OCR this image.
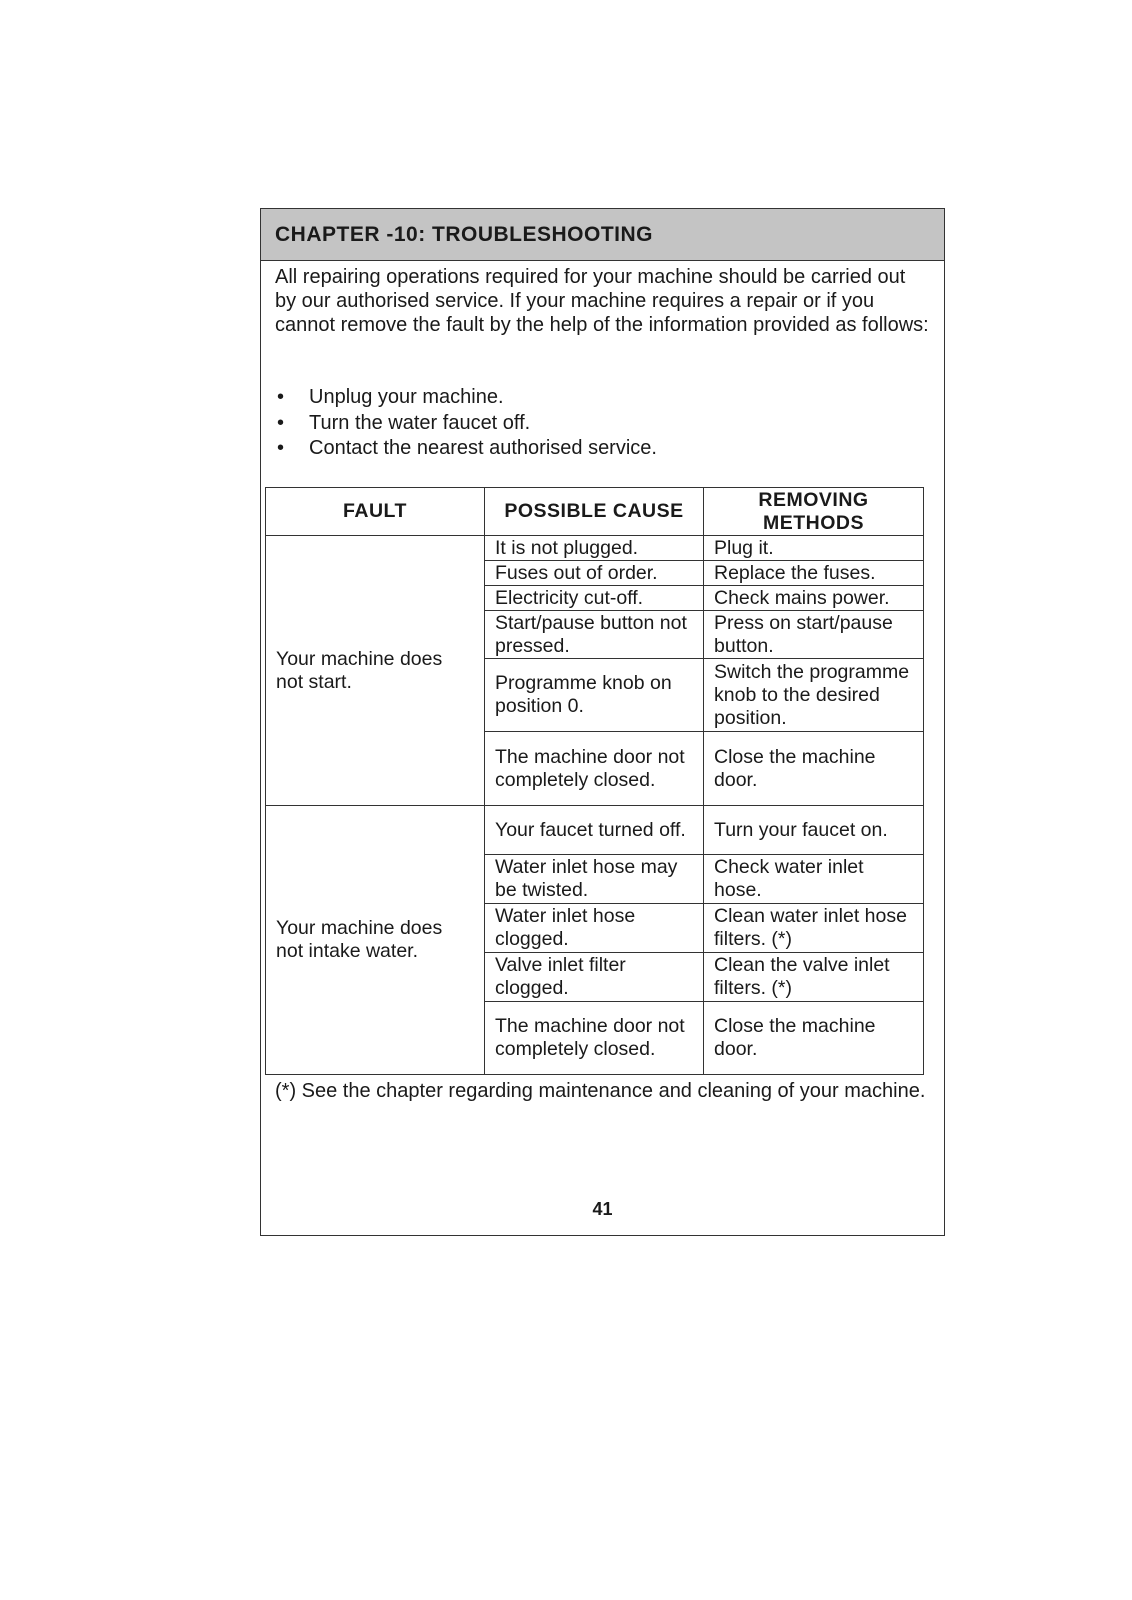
CHAPTER -10: TROUBLESHOOTING

All repairing operations required for your machine should be carried out by our authorised service. If your machine requires a repair or if you cannot remove the fault by the help of the information provided as follows:

• Unplug your machine.
• Turn the water faucet off.
• Contact the nearest authorised service.
FAULT	POSSIBLE CAUSE	REMOVING METHODS
Your machine does not start.	It is not plugged.	Plug it.
	Fuses out of order.	Replace the fuses.
	Electricity cut-off.	Check mains power.
	Start/pause button not pressed.	Press on start/pause button.
	Programme knob on position 0.	Switch the programme knob to the desired position.
	The machine door not completely closed.	Close the machine door.
Your machine does not intake water.	Your faucet turned off.	Turn your faucet on.
	Water inlet hose may be twisted.	Check water inlet hose.
	Water inlet hose clogged.	Clean water inlet hose filters. (*)
	Valve inlet filter clogged.	Clean the valve inlet filters. (*)
	The machine door not completely closed.	Close the machine door.

(*) See the chapter regarding maintenance and cleaning of your machine.

41
